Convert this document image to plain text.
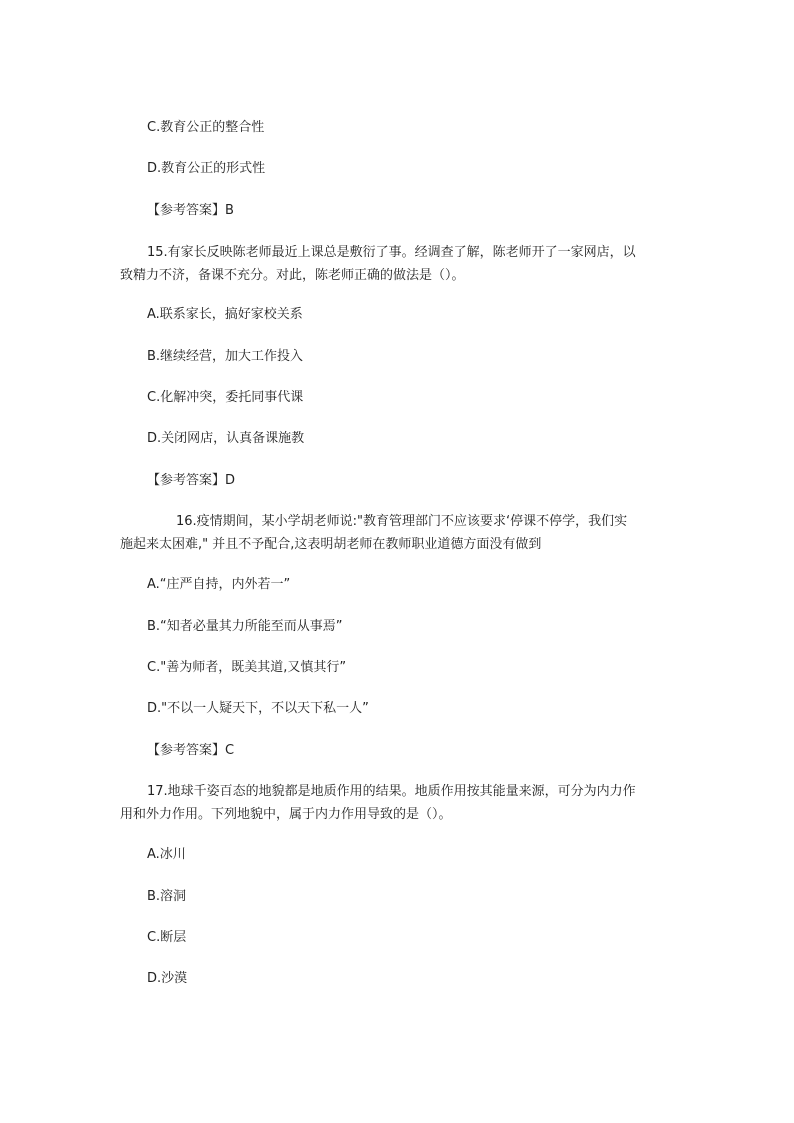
C.教育公正的整合性
D.教育公正的形式性
【参考答案】B
15.有家长反映陈老师最近上课总是敷衍了事。经调查了解，陈老师开了一家网店，以
致精力不济，备课不充分。对此，陈老师正确的做法是（）。
A.联系家长，搞好家校关系
B.继续经营，加大工作投入
C.化解冲突，委托同事代课
D.关闭网店，认真备课施教
【参考答案】D
16.疫情期间，某小学胡老师说:"教育管理部门不应该要求‘停课不停学，我们实
施起来太困难," 并且不予配合,这表明胡老师在教师职业道德方面没有做到
A.“庄严自持，内外若一”
B.“知者必量其力所能至而从事焉”
C."善为师者，既美其道,又慎其行”
D."不以一人疑天下，不以天下私一人”
【参考答案】C
17.地球千姿百态的地貌都是地质作用的结果。地质作用按其能量来源，可分为内力作
用和外力作用。下列地貌中，属于内力作用导致的是（）。
A.冰川
B.溶洞
C.断层
D.沙漠
